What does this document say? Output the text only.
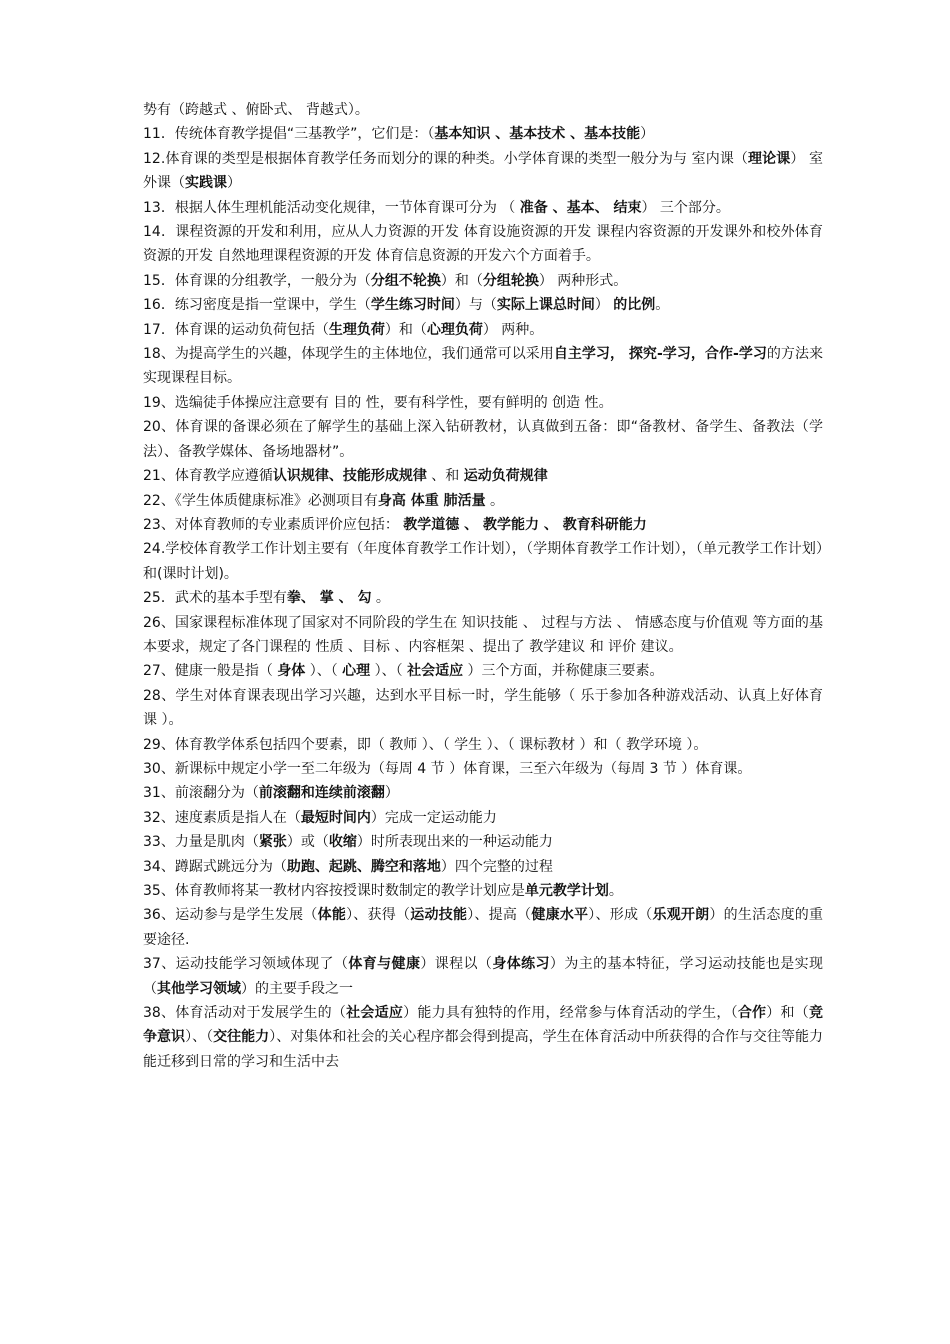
势有（跨越式 、俯卧式、 背越式）。

11．传统体育教学提倡“三基教学”，它们是：（基本知识 、基本技术 、基本技能）

12.体育课的类型是根据体育教学任务而划分的课的种类。小学体育课的类型一般分为与 室内课（理论课） 室外课（实践课）

13．根据人体生理机能活动变化规律，一节体育课可分为 （ 准备 、基本、 结束） 三个部分。

14．课程资源的开发和利用，应从人力资源的开发 体育设施资源的开发 课程内容资源的开发课外和校外体育资源的开发 自然地理课程资源的开发 体育信息资源的开发六个方面着手。

15．体育课的分组教学，一般分为（分组不轮换）和（分组轮换） 两种形式。

16．练习密度是指一堂课中，学生（学生练习时间）与（实际上课总时间） 的比例。

17．体育课的运动负荷包括（生理负荷）和（心理负荷） 两种。

18、为提高学生的兴趣，体现学生的主体地位，我们通常可以采用自主学习， 探究-学习，合作-学习的方法来实现课程目标。

19、选编徒手体操应注意要有 目的 性，要有科学性，要有鲜明的 创造 性。

20、体育课的备课必须在了解学生的基础上深入钻研教材，认真做到五备：即“备教材、备学生、备教法（学法）、备教学媒体、备场地器材”。

21、体育教学应遵循认识规律、技能形成规律 、和 运动负荷规律

22、《学生体质健康标准》必测项目有身高 体重 肺活量 。

23、对体育教师的专业素质评价应包括： 教学道德 、 教学能力 、 教育科研能力

24.学校体育教学工作计划主要有（年度体育教学工作计划），（学期体育教学工作计划），（单元教学工作计划）和(课时计划)。

25．武术的基本手型有拳、 掌 、 勾 。

26、国家课程标准体现了国家对不同阶段的学生在 知识技能 、 过程与方法 、 情感态度与价值观 等方面的基本要求，规定了各门课程的 性质 、目标 、内容框架 、提出了 教学建议 和 评价 建议。

27、健康一般是指（ 身体 ）、（ 心理 ）、（ 社会适应 ）三个方面，并称健康三要素。

28、学生对体育课表现出学习兴趣，达到水平目标一时，学生能够（ 乐于参加各种游戏活动、认真上好体育课 ）。

29、体育教学体系包括四个要素，即（ 教师 ）、（ 学生 ）、（ 课标教材 ）和（ 教学环境 ）。

30、新课标中规定小学一至二年级为（每周 4 节 ）体育课，三至六年级为（每周 3 节 ）体育课。

31、前滚翻分为（前滚翻和连续前滚翻）

32、速度素质是指人在（最短时间内）完成一定运动能力

33、力量是肌肉（紧张）或（收缩）时所表现出来的一种运动能力

34、蹲踞式跳远分为（助跑、起跳、腾空和落地）四个完整的过程

35、体育教师将某一教材内容按授课时数制定的教学计划应是单元教学计划。

36、运动参与是学生发展（体能）、获得（运动技能）、提高（健康水平）、形成（乐观开朗）的生活态度的重要途径.

37、运动技能学习领域体现了（体育与健康）课程以（身体练习）为主的基本特征，学习运动技能也是实现（其他学习领域）的主要手段之一

38、体育活动对于发展学生的（社会适应）能力具有独特的作用，经常参与体育活动的学生，（合作）和（竞争意识）、（交往能力）、对集体和社会的关心程序都会得到提高，学生在体育活动中所获得的合作与交往等能力能迁移到日常的学习和生活中去
